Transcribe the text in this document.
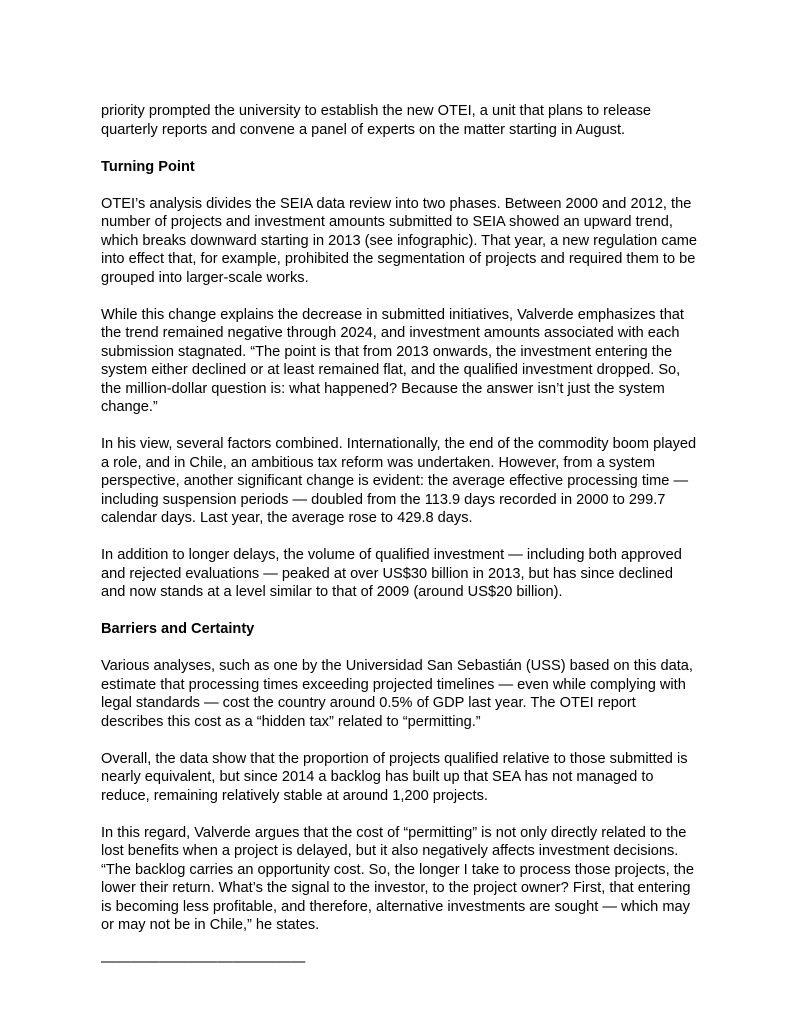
priority prompted the university to establish the new OTEI, a unit that plans to release quarterly reports and convene a panel of experts on the matter starting in August.

Turning Point

OTEI’s analysis divides the SEIA data review into two phases. Between 2000 and 2012, the number of projects and investment amounts submitted to SEIA showed an upward trend, which breaks downward starting in 2013 (see infographic). That year, a new regulation came into effect that, for example, prohibited the segmentation of projects and required them to be grouped into larger-scale works.

While this change explains the decrease in submitted initiatives, Valverde emphasizes that the trend remained negative through 2024, and investment amounts associated with each submission stagnated. “The point is that from 2013 onwards, the investment entering the system either declined or at least remained flat, and the qualified investment dropped. So, the million-dollar question is: what happened? Because the answer isn’t just the system change.”

In his view, several factors combined. Internationally, the end of the commodity boom played a role, and in Chile, an ambitious tax reform was undertaken. However, from a system perspective, another significant change is evident: the average effective processing time — including suspension periods — doubled from the 113.9 days recorded in 2000 to 299.7 calendar days. Last year, the average rose to 429.8 days.

In addition to longer delays, the volume of qualified investment — including both approved and rejected evaluations — peaked at over US$30 billion in 2013, but has since declined and now stands at a level similar to that of 2009 (around US$20 billion).

Barriers and Certainty

Various analyses, such as one by the Universidad San Sebastián (USS) based on this data, estimate that processing times exceeding projected timelines — even while complying with legal standards — cost the country around 0.5% of GDP last year. The OTEI report describes this cost as a “hidden tax” related to “permitting.”

Overall, the data show that the proportion of projects qualified relative to those submitted is nearly equivalent, but since 2014 a backlog has built up that SEA has not managed to reduce, remaining relatively stable at around 1,200 projects.

In this regard, Valverde argues that the cost of “permitting” is not only directly related to the lost benefits when a project is delayed, but it also negatively affects investment decisions. “The backlog carries an opportunity cost. So, the longer I take to process those projects, the lower their return. What’s the signal to the investor, to the project owner? First, that entering is becoming less profitable, and therefore, alternative investments are sought — which may or may not be in Chile,” he states.

——————————————
